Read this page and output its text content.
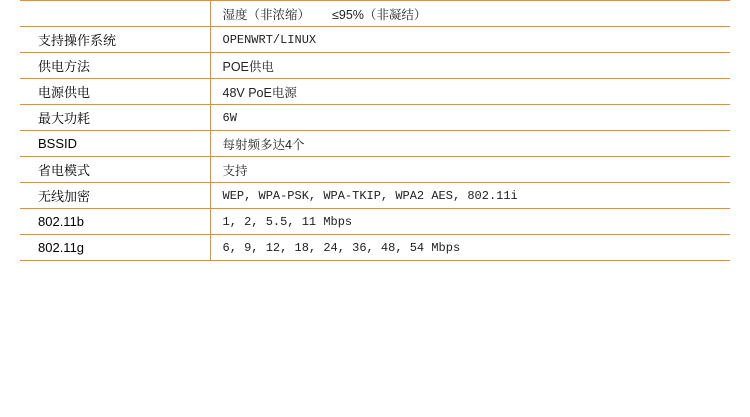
	湿度（非浓缩） ≤95%（非凝结）
支持操作系统	OPENWRT/LINUX
供电方法	POE供电
电源供电	48V PoE电源
最大功耗	6W
BSSID	每射频多达4个
省电模式	支持
无线加密	WEP, WPA-PSK, WPA-TKIP, WPA2 AES, 802.11i
802.11b	1, 2, 5.5, 11 Mbps
802.11g	6, 9, 12, 18, 24, 36, 48, 54 Mbps
